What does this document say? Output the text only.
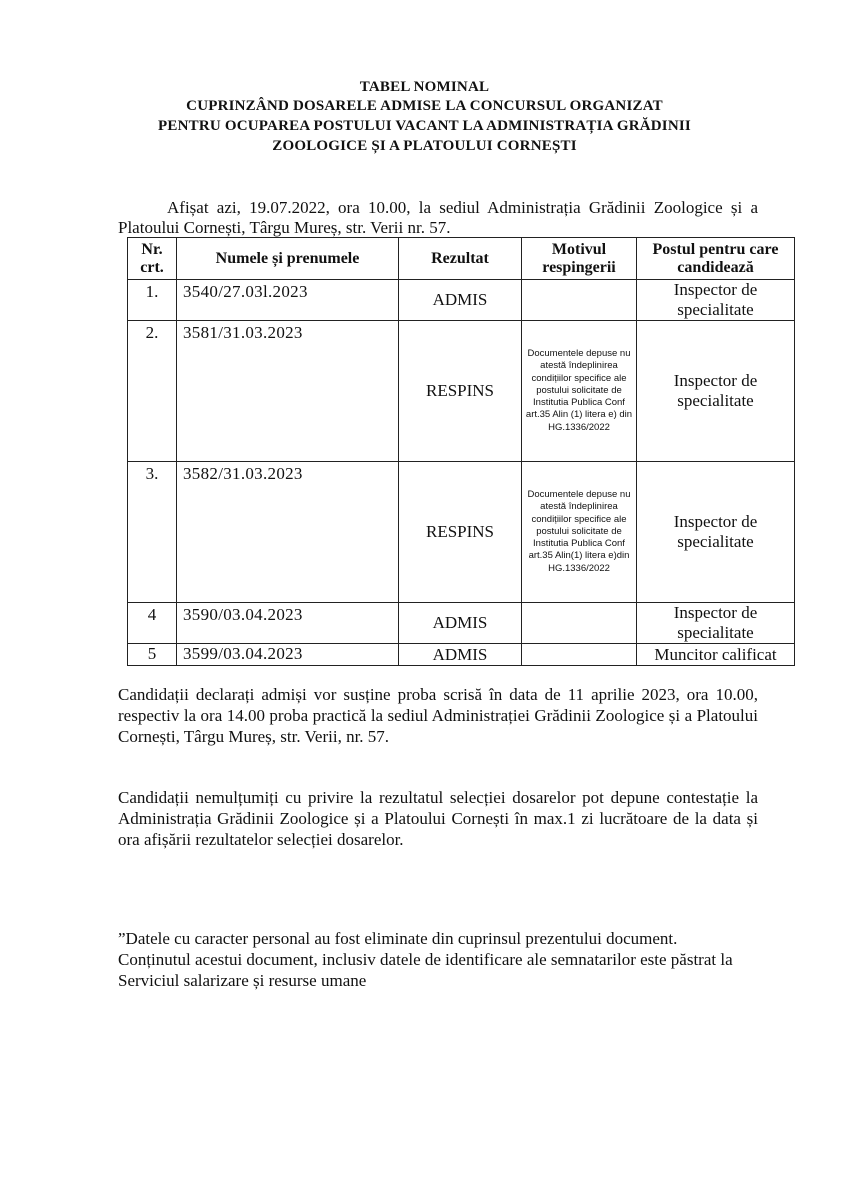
TABEL NOMINAL
CUPRINZÂND DOSARELE ADMISE LA CONCURSUL ORGANIZAT
PENTRU OCUPAREA POSTULUI VACANT LA ADMINISTRAȚIA GRĂDINII
ZOOLOGICE ȘI A PLATOULUI CORNEȘTI
Afișat azi, 19.07.2022, ora 10.00, la sediul Administrația Grădinii Zoologice și a Platoului Cornești, Târgu Mureș, str. Verii nr. 57.
Nr. crt.	Numele și prenumele	Rezultat	Motivul respingerii	Postul pentru care candidează
1.	3540/27.03l.2023	ADMIS		Inspector de specialitate
2.	3581/31.03.2023	RESPINS	Documentele depuse nu atestă îndeplinirea condițiilor specifice ale postului solicitate de Institutia Publica Conf art.35 Alin (1) litera e) din HG.1336/2022	Inspector de specialitate
3.	3582/31.03.2023	RESPINS	Documentele depuse nu atestă îndeplinirea condițiilor specifice ale postului solicitate de Institutia Publica Conf art.35 Alin(1) litera e)din HG.1336/2022	Inspector de specialitate
4	3590/03.04.2023	ADMIS		Inspector de specialitate
5	3599/03.04.2023	ADMIS		Muncitor calificat
Candidații declarați admiși vor susține proba scrisă în data de 11 aprilie 2023, ora 10.00, respectiv la ora 14.00 proba practică la sediul Administrației Grădinii Zoologice și a Platoului Cornești, Târgu Mureș, str. Verii, nr. 57.
Candidații nemulțumiți cu privire la rezultatul selecției dosarelor pot depune contestație la Administrația Grădinii Zoologice și a Platoului Cornești în max.1 zi lucrătoare de la data și ora afișării rezultatelor selecției dosarelor.
”Datele cu caracter personal au fost eliminate din cuprinsul prezentului document. Conținutul acestui document, inclusiv datele de identificare ale semnatarilor este păstrat la Serviciul salarizare și resurse umane
